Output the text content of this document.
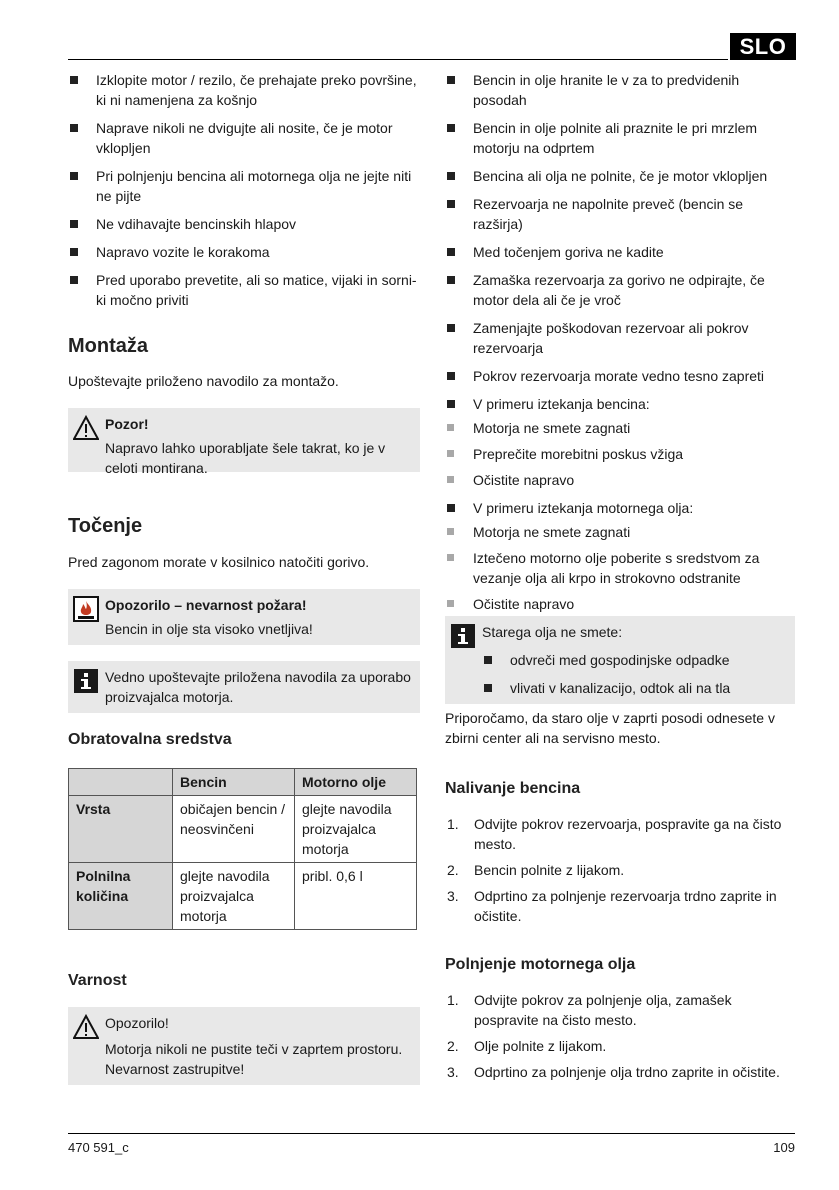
SLO
Izklopite motor / rezilo, če prehajate preko površine, ki ni namenjena za košnjo
Naprave nikoli ne dvigujte ali nosite, če je motor vklopljen
Pri polnjenju bencina ali motornega olja ne jejte niti ne pijte
Ne vdihavajte bencinskih hlapov
Napravo vozite le korakoma
Pred uporabo prevetite, ali so matice, vijaki in sorni-ki močno priviti
Montaža

Upoštevajte priloženo navodilo za montažo.

Pozor!
Napravo lahko uporabljate šele takrat, ko je v celoti montirana.
Točenje

Pred zagonom morate v kosilnico natočiti gorivo.

Opozorilo – nevarnost požara!
Bencin in olje sta visoko vnetljiva!
Vedno upoštevajte priložena navodila za uporabo proizvajalca motorja.
Obratovalna sredstva
	Bencin	Motorno olje
Vrsta	običajen bencin / neosvinčeni	glejte navodila proizvajalca motorja
Polnilna količina	glejte navodila proizvajalca motorja	pribl. 0,6 l
Varnost
Opozorilo!
Motorja nikoli ne pustite teči v zaprtem prostoru. Nevarnost zastrupitve!
Bencin in olje hranite le v za to predvidenih posodah
Bencin in olje polnite ali praznite le pri mrzlem motorju na odprtem
Bencina ali olja ne polnite, če je motor vklopljen
Rezervoarja ne napolnite preveč (bencin se razširja)
Med točenjem goriva ne kadite
Zamaška rezervoarja za gorivo ne odpirajte, če motor dela ali če je vroč
Zamenjajte poškodovan rezervoar ali pokrov rezervoarja
Pokrov rezervoarja morate vedno tesno zapreti
V primeru iztekanja bencina:
Motorja ne smete zagnati
Preprečite morebitni poskus vžiga
Očistite napravo
V primeru iztekanja motornega olja:
Motorja ne smete zagnati
Iztečeno motorno olje poberite s sredstvom za vezanje olja ali krpo in strokovno odstranite
Očistite napravo
Starega olja ne smete:
odvreči med gospodinjske odpadke
vlivati v kanalizacijo, odtok ali na tla

Priporočamo, da staro olje v zaprti posodi odnesete v zbirni center ali na servisno mesto.

Nalivanje bencina
1. Odvijte pokrov rezervoarja, pospravite ga na čisto mesto.
2. Bencin polnite z lijakom.
3. Odprtino za polnjenje rezervoarja trdno zaprite in očistite.
Polnjenje motornega olja
1. Odvijte pokrov za polnjenje olja, zamašek pospravite na čisto mesto.
2. Olje polnite z lijakom.
3. Odprtino za polnjenje olja trdno zaprite in očistite.
470 591_c	109
